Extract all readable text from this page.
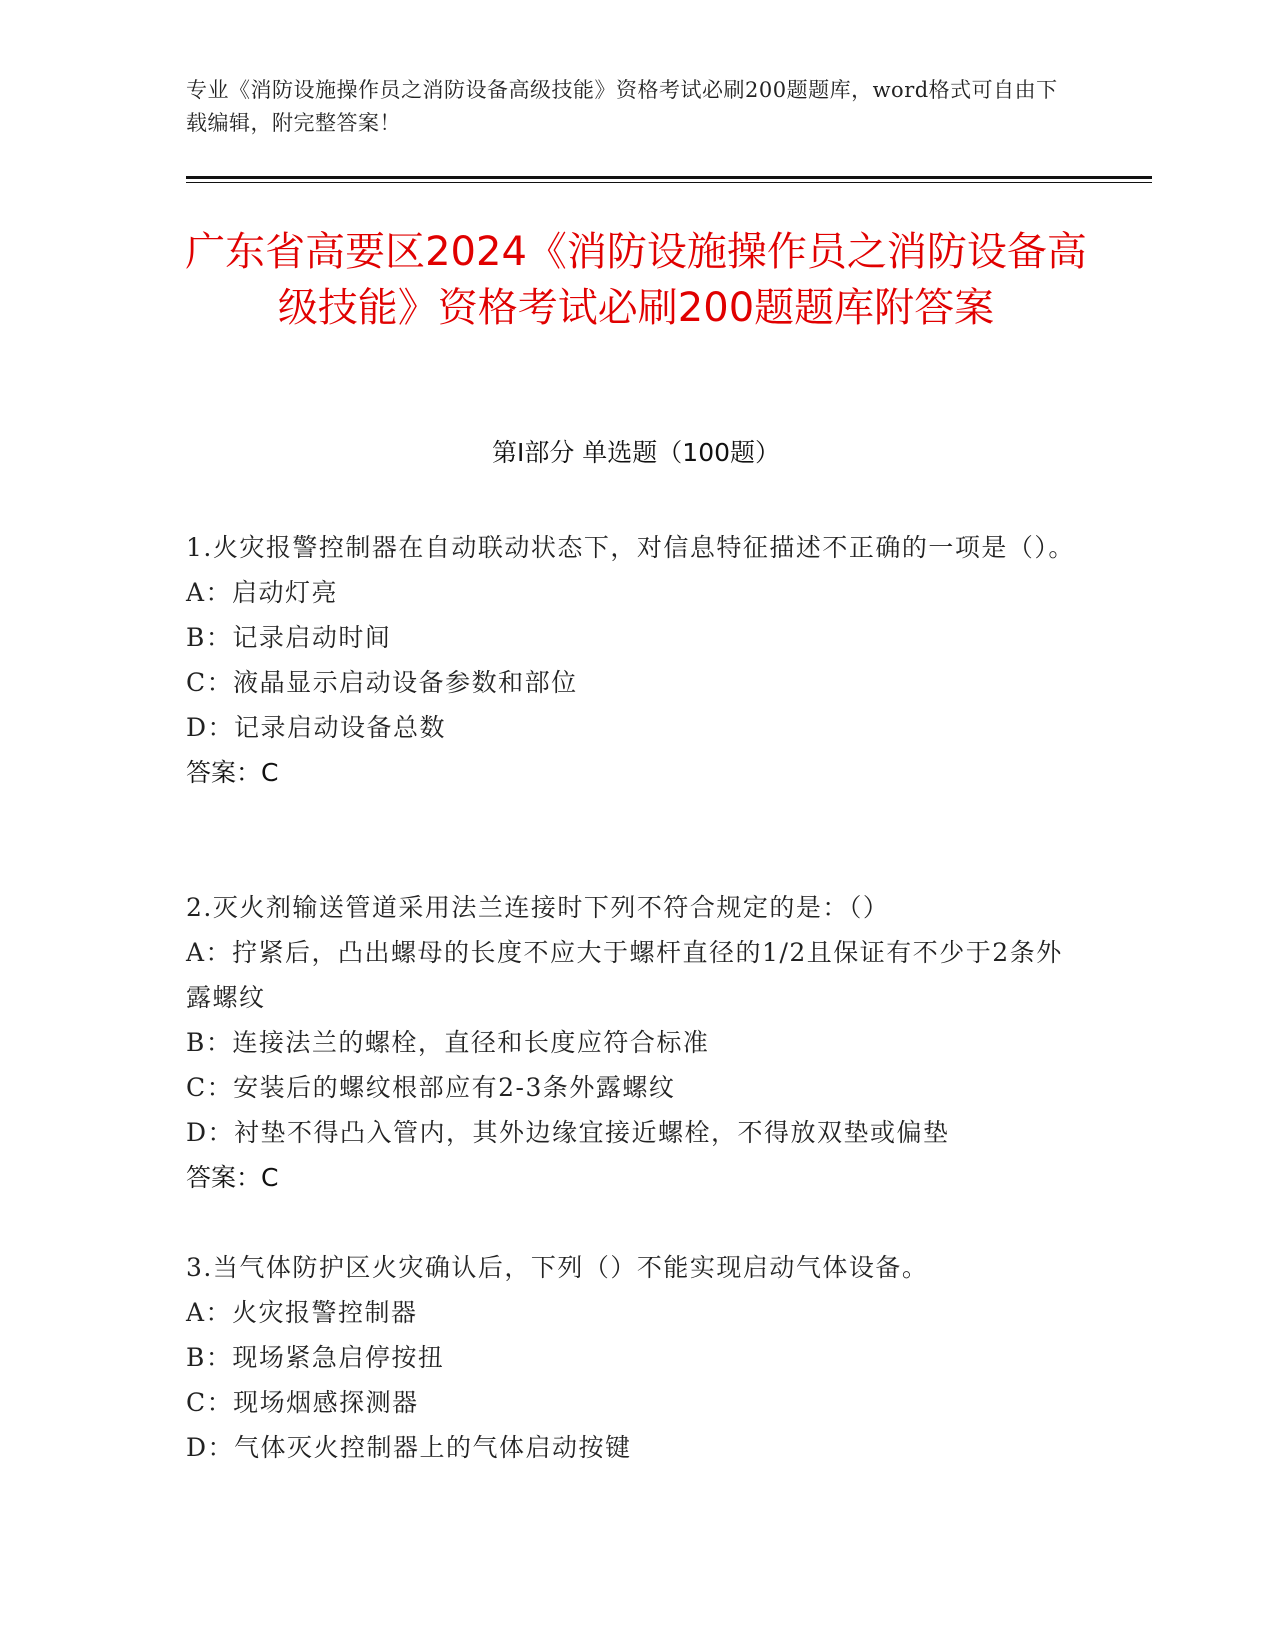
专业《消防设施操作员之消防设备高级技能》资格考试必刷200题题库，word格式可自由下载编辑，附完整答案！
广东省高要区2024《消防设施操作员之消防设备高级技能》资格考试必刷200题题库附答案
第Ⅰ部分 单选题（100题）
1.火灾报警控制器在自动联动状态下，对信息特征描述不正确的一项是（）。
A：启动灯亮
B：记录启动时间
C：液晶显示启动设备参数和部位
D：记录启动设备总数
答案：C
2.灭火剂输送管道采用法兰连接时下列不符合规定的是：（）
A：拧紧后，凸出螺母的长度不应大于螺杆直径的1/2且保证有不少于2条外露螺纹
B：连接法兰的螺栓，直径和长度应符合标准
C：安装后的螺纹根部应有2-3条外露螺纹
D：衬垫不得凸入管内，其外边缘宜接近螺栓，不得放双垫或偏垫
答案：C
3.当气体防护区火灾确认后，下列（）不能实现启动气体设备。
A：火灾报警控制器
B：现场紧急启停按扭
C：现场烟感探测器
D：气体灭火控制器上的气体启动按键
